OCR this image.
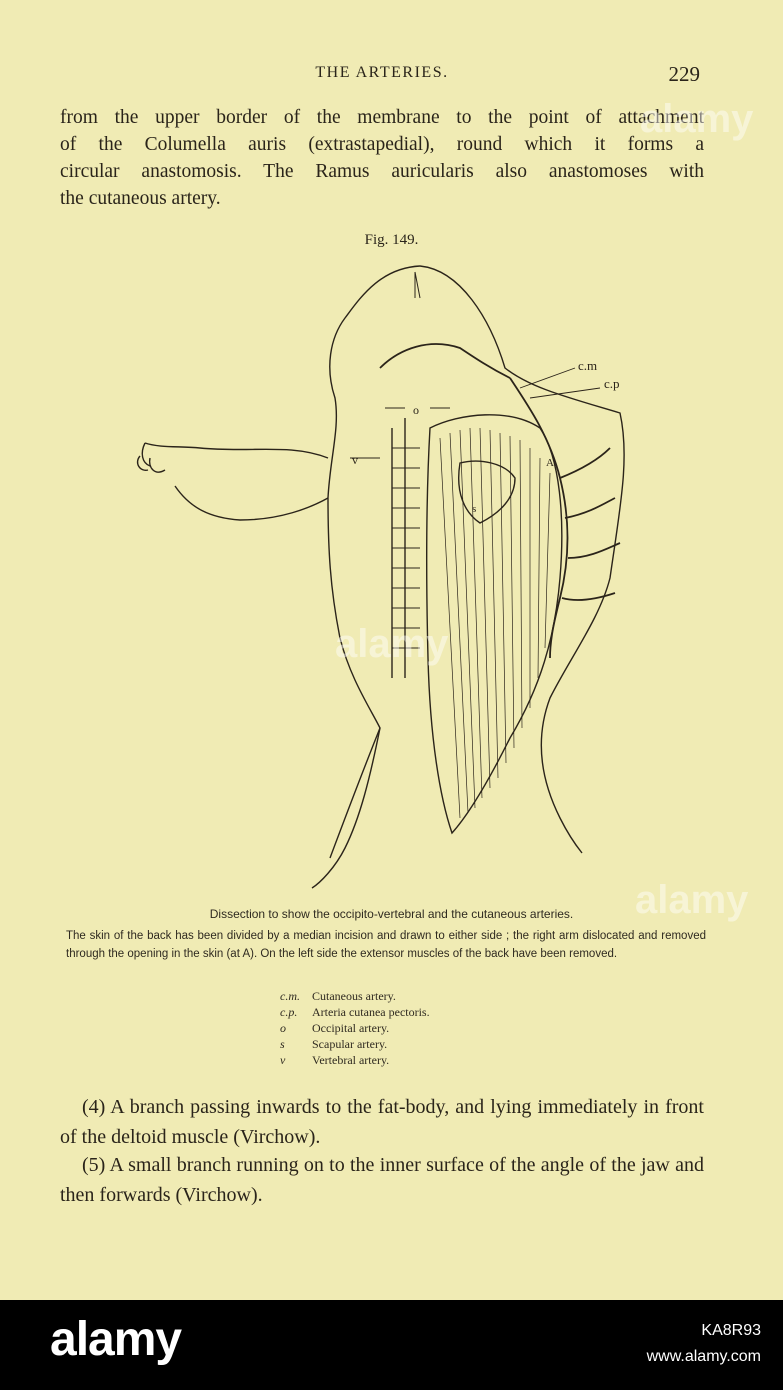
THE ARTERIES.	229
from the upper border of the membrane to the point of attachment
of the Columella auris (extrastapedial), round which it forms a
circular anastomosis. The Ramus auricularis also anastomoses with
the cutaneous artery.
Fig. 149.
c.m
c.p
o
v
s
A
Dissection to show the occipito-vertebral and the cutaneous arteries.
The skin of the back has been divided by a median incision and drawn to either side ; the right arm dislocated and removed through the opening in the skin (at A). On the left side the extensor muscles of the back have been removed.
c.m.	Cutaneous artery.
c.p.	Arteria cutanea pectoris.
o	Occipital artery.
s	Scapular artery.
v	Vertebral artery.

(4) A branch passing inwards to the fat-body, and lying immediately in front of the deltoid muscle (Virchow).

(5) A small branch running on to the inner surface of the angle of the jaw and then forwards (Virchow).

alamy
alamy
alamy
alamy	KA8R93
www.alamy.com
